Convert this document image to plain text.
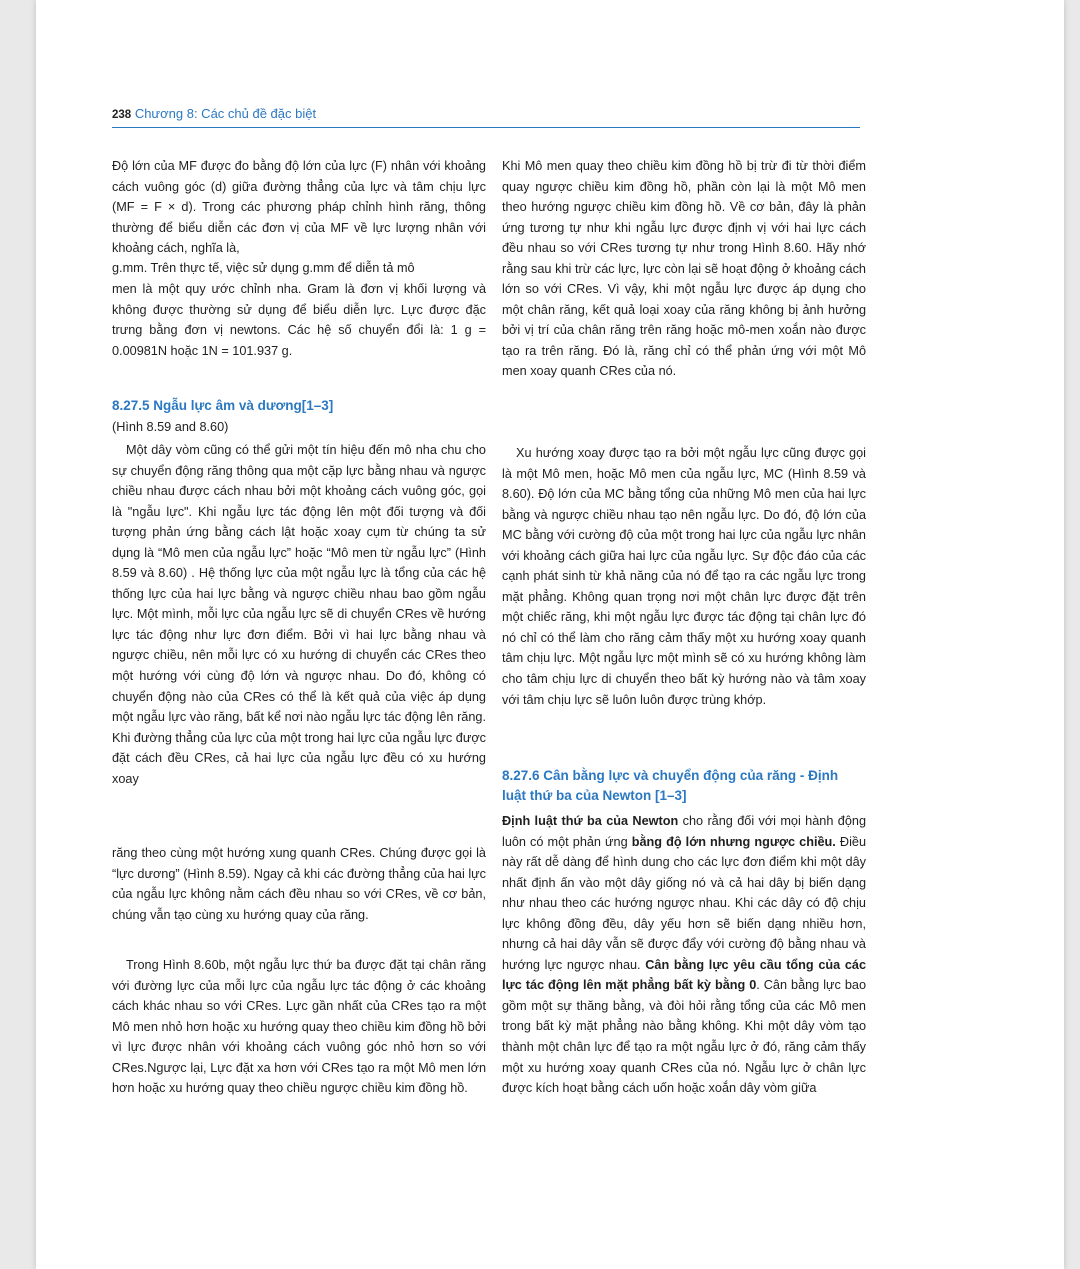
238 Chương 8: Các chủ đề đặc biệt

Độ lớn của MF được đo bằng độ lớn của lực (F) nhân với khoảng cách vuông góc (d) giữa đường thẳng của lực và tâm chịu lực (MF = F × d). Trong các phương pháp chỉnh hình răng, thông thường để biểu diễn các đơn vị của MF về lực lượng nhân với khoảng cách, nghĩa là,

g.mm. Trên thực tế, việc sử dụng g.mm để diễn tả mô

men là một quy ước chỉnh nha. Gram là đơn vị khối lượng và không được thường sử dụng để biểu diễn lực. Lực được đặc trưng bằng đơn vị newtons. Các hệ số chuyển đổi là: 1 g = 0.00981N hoặc 1N = 101.937 g.

8.27.5 Ngẫu lực âm và dương[1–3]
(Hình 8.59 and 8.60)

Một dây vòm cũng có thể gửi một tín hiệu đến mô nha chu cho sự chuyển động răng thông qua một cặp lực bằng nhau và ngược chiều nhau được cách nhau bởi một khoảng cách vuông góc, gọi là "ngẫu lực". Khi ngẫu lực tác động lên một đối tượng và đối tượng phản ứng bằng cách lật hoặc xoay cụm từ chúng ta sử dụng là “Mô men của ngẫu lực” hoặc “Mô men từ ngẫu lực” (Hình 8.59 và 8.60) . Hệ thống lực của một ngẫu lực là tổng của các hệ thống lực của hai lực bằng và ngược chiều nhau bao gồm ngẫu lực. Một mình, mỗi lực của ngẫu lực sẽ di chuyển CRes về hướng lực tác động như lực đơn điểm. Bởi vì hai lực bằng nhau và ngược chiều, nên mỗi lực có xu hướng di chuyển các CRes theo một hướng với cùng độ lớn và ngược nhau. Do đó, không có chuyển động nào của CRes có thể là kết quả của việc áp dụng một ngẫu lực vào răng, bất kể nơi nào ngẫu lực tác động lên răng. Khi đường thẳng của lực của một trong hai lực của ngẫu lực được đặt cách đều CRes, cả hai lực của ngẫu lực đều có xu hướng xoay

răng theo cùng một hướng xung quanh CRes. Chúng được gọi là “lực dương” (Hình 8.59). Ngay cả khi các đường thẳng của hai lực của ngẫu lực không nằm cách đều nhau so với CRes, về cơ bản, chúng vẫn tạo cùng xu hướng quay của răng.

Trong Hình 8.60b, một ngẫu lực thứ ba được đặt tại chân răng với đường lực của mỗi lực của ngẫu lực tác động ở các khoảng cách khác nhau so với CRes. Lực gần nhất của CRes tạo ra một Mô men nhỏ hơn hoặc xu hướng quay theo chiều kim đồng hồ bởi vì lực được nhân với khoảng cách vuông góc nhỏ hơn so với CRes.Ngược lại, Lực đặt xa hơn với CRes tạo ra một Mô men lớn hơn hoặc xu hướng quay theo chiều ngược chiều kim đồng hồ.

Khi Mô men quay theo chiều kim đồng hồ bị trừ đi từ thời điểm quay ngược chiều kim đồng hồ, phần còn lại là một Mô men theo hướng ngược chiều kim đồng hồ. Về cơ bản, đây là phản ứng tương tự như khi ngẫu lực được định vị với hai lực cách đều nhau so với CRes tương tự như trong Hình 8.60. Hãy nhớ rằng sau khi trừ các lực, lực còn lại sẽ hoạt động ở khoảng cách lớn so với CRes. Vì vậy, khi một ngẫu lực được áp dụng cho một chân răng, kết quả loại xoay của răng không bị ảnh hưởng bởi vị trí của chân răng trên răng hoặc mô-men xoắn nào được tạo ra trên răng. Đó là, răng chỉ có thể phản ứng với một Mô men xoay quanh CRes của nó.

Xu hướng xoay được tạo ra bởi một ngẫu lực cũng được gọi là một Mô men, hoặc Mô men của ngẫu lực, MC (Hình 8.59 và 8.60). Độ lớn của MC bằng tổng của những Mô men của hai lực bằng và ngược chiều nhau tạo nên ngẫu lực. Do đó, độ lớn của MC bằng với cường độ của một trong hai lực của ngẫu lực nhân với khoảng cách giữa hai lực của ngẫu lực. Sự độc đáo của các cạnh phát sinh từ khả năng của nó để tạo ra các ngẫu lực trong mặt phẳng. Không quan trọng nơi một chân lực được đặt trên một chiếc răng, khi một ngẫu lực được tác động tại chân lực đó nó chỉ có thể làm cho răng cảm thấy một xu hướng xoay quanh tâm chịu lực. Một ngẫu lực một mình sẽ có xu hướng không làm cho tâm chịu lực di chuyển theo bất kỳ hướng nào và tâm xoay với tâm chịu lực sẽ luôn luôn được trùng khớp.

8.27.6 Cân bằng lực và chuyển động của răng - Định
luật thứ ba của Newton [1–3]

Định luật thứ ba của Newton cho rằng đối với mọi hành động luôn có một phản ứng bằng độ lớn nhưng ngược chiều. Điều này rất dễ dàng để hình dung cho các lực đơn điểm khi một dây nhất định ấn vào một dây giống nó và cả hai dây bị biến dạng như nhau theo các hướng ngược nhau. Khi các dây có độ chịu lực không đồng đều, dây yếu hơn sẽ biến dạng nhiều hơn, nhưng cả hai dây vẫn sẽ được đẩy với cường độ bằng nhau và hướng lực ngược nhau. Cân bằng lực yêu cầu tổng của các lực tác động lên mặt phẳng bất kỳ bằng 0. Cân bằng lực bao gồm một sự thăng bằng, và đòi hỏi rằng tổng của các Mô men trong bất kỳ mặt phẳng nào bằng không. Khi một dây vòm tạo thành một chân lực để tạo ra một ngẫu lực ở đó, răng cảm thấy một xu hướng xoay quanh CRes của nó. Ngẫu lực ở chân lực được kích hoạt bằng cách uốn hoặc xoắn dây vòm giữa
